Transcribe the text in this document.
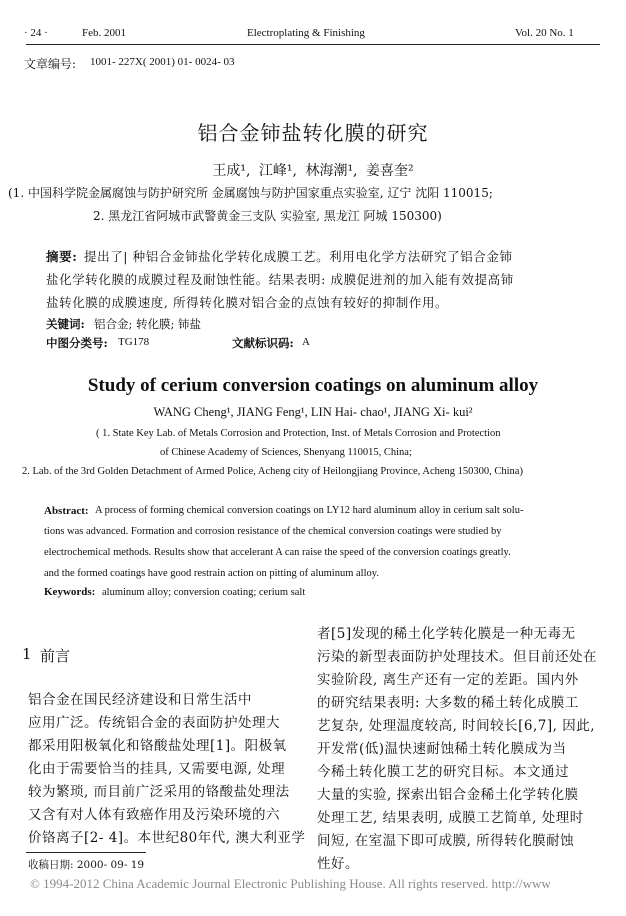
· 24 ·	Feb. 2001	Electroplating & Finishing	Vol. 20 No. 1
文章编号: 1001- 227X( 2001) 01- 0024- 03
铝合金铈盐转化膜的研究
王成¹, 江峰¹, 林海潮¹, 姜喜奎²
(1. 中国科学院金属腐蚀与防护研究所 金属腐蚀与防护国家重点实验室, 辽宁 沈阳 110015;
2. 黑龙江省阿城市武警黄金三支队 实验室, 黑龙江 阿城 150300)
摘要: 提出了| 种铝合金铈盐化学转化成膜工艺。利用电化学方法研究了铝合金铈
盐化学转化膜的成膜过程及耐蚀性能。结果表明: 成膜促进剂的加入能有效提高铈
盐转化膜的成膜速度, 所得转化膜对铝合金的点蚀有较好的抑制作用。
关键词: 铝合金; 转化膜; 铈盐
中图分类号: TG178	文献标识码: A
Study of cerium conversion coatings on aluminum alloy
WANG Cheng¹, JIANG Feng¹, LIN Hai- chao¹, JIANG Xi- kui²
( 1. State Key Lab. of Metals Corrosion and Protection, Inst. of Metals Corrosion and Protection
of Chinese Academy of Sciences, Shenyang 110015, China;
2. Lab. of the 3rd Golden Detachment of Armed Police, Acheng city of Heilongjiang Province, Acheng 150300, China)
Abstract: A process of forming chemical conversion coatings on LY12 hard aluminum alloy in cerium salt solu-
tions was advanced. Formation and corrosion resistance of the chemical conversion coatings were studied by
electrochemical methods. Results show that accelerant A can raise the speed of the conversion coatings greatly.
and the formed coatings have good restrain action on pitting of aluminum alloy.
Keywords: aluminum alloy; conversion coating; cerium salt
1 前言
铝合金在国民经济建设和日常生活中
应用广泛。传统铝合金的表面防护处理大
都采用阳极氧化和铬酸盐处理[1]。阳极氧
化由于需要恰当的挂具, 又需要电源, 处理
较为繁琐, 而目前广泛采用的铬酸盐处理法
又含有对人体有致癌作用及污染环境的六
价铬离子[2- 4]。本世纪80年代, 澳大利亚学
者[5]发现的稀土化学转化膜是一种无毒无
污染的新型表面防护处理技术。但目前还处在
实验阶段, 离生产还有一定的差距。国内外
的研究结果表明: 大多数的稀土转化成膜工
艺复杂, 处理温度较高, 时间较长[6,7], 因此,
开发常(低)温快速耐蚀稀土转化膜成为当
今稀土转化膜工艺的研究目标。本文通过
大量的实验, 探索出铝合金稀土化学转化膜
处理工艺, 结果表明, 成膜工艺简单, 处理时
间短, 在室温下即可成膜, 所得转化膜耐蚀
性好。
收稿日期: 2000- 09- 19
© 1994-2012 China Academic Journal Electronic Publishing House. All rights reserved. http://www
